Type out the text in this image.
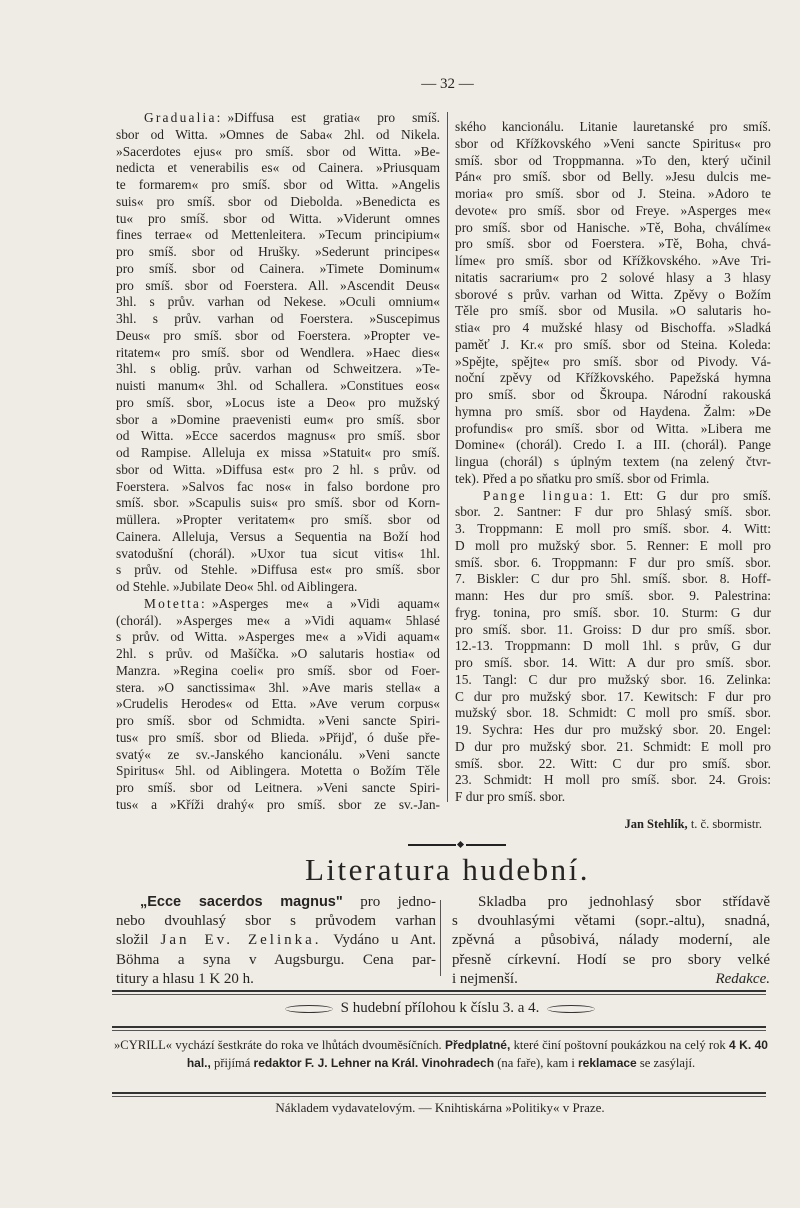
— 32 —
Gradualia: »Diffusa est gratia« pro smíš.
sbor od Witta. »Omnes de Saba« 2hl. od Nikela.
»Sacerdotes ejus« pro smíš. sbor od Witta. »Be-
nedicta et venerabilis es« od Cainera. »Priusquam
te formarem« pro smíš. sbor od Witta. »Angelis
suis« pro smíš. sbor od Diebolda. »Benedicta es
tu« pro smíš. sbor od Witta. »Viderunt omnes
fines terrae« od Mettenleitera. »Tecum principium«
pro smíš. sbor od Hrušky. »Sederunt principes«
pro smíš. sbor od Cainera. »Timete Dominum«
pro smíš. sbor od Foerstera. All. »Ascendit Deus«
3hl. s prův. varhan od Nekese. »Oculi omnium«
3hl. s prův. varhan od Foerstera. »Suscepimus
Deus« pro smíš. sbor od Foerstera. »Propter ve-
ritatem« pro smíš. sbor od Wendlera. »Haec dies«
3hl. s oblig. prův. varhan od Schweitzera. »Te-
nuisti manum« 3hl. od Schallera. »Constitues eos«
pro smíš. sbor, »Locus iste a Deo« pro mužský
sbor a »Domine praevenisti eum« pro smíš. sbor
od Witta. »Ecce sacerdos magnus« pro smíš. sbor
od Rampise. Alleluja ex missa »Statuit« pro smíš.
sbor od Witta. »Diffusa est« pro 2 hl. s prův. od
Foerstera. »Salvos fac nos« in falso bordone pro
smíš. sbor. »Scapulis suis« pro smíš. sbor od Korn-
müllera. »Propter veritatem« pro smíš. sbor od
Cainera. Alleluja, Versus a Sequentia na Boží hod
svatodušní (chorál). »Uxor tua sicut vitis« 1hl.
s prův. od Stehle. »Diffusa est« pro smíš. sbor
od Stehle. »Jubilate Deo« 5hl. od Aiblingera.
Motetta: »Asperges me« a »Vidi aquam«
(chorál). »Asperges me« a »Vidi aquam« 5hlasé
s prův. od Witta. »Asperges me« a »Vidi aquam«
2hl. s prův. od Mašíčka. »O salutaris hostia« od
Manzra. »Regina coeli« pro smíš. sbor od Foer-
stera. »O sanctissima« 3hl. »Ave maris stella« a
»Crudelis Herodes« od Etta. »Ave verum corpus«
pro smíš. sbor od Schmidta. »Veni sancte Spiri-
tus« pro smíš. sbor od Blieda. »Přijď, ó duše pře-
svatý« ze sv.-Janského kancionálu. »Veni sancte
Spiritus« 5hl. od Aiblingera. Motetta o Božím Těle
pro smíš. sbor od Leitnera. »Veni sancte Spiri-
tus« a »Kříži drahý« pro smíš. sbor ze sv.-Jan-
ského kancionálu. Litanie lauretanské pro smíš.
sbor od Křížkovského »Veni sancte Spiritus« pro
smíš. sbor od Troppmanna. »To den, který učinil
Pán« pro smíš. sbor od Belly. »Jesu dulcis me-
moria« pro smíš. sbor od J. Steina. »Adoro te
devote« pro smíš. sbor od Freye. »Asperges me«
pro smíš. sbor od Hanische. »Tě, Boha, chválíme«
pro smíš. sbor od Foerstera. »Tě, Boha, chvá-
líme« pro smíš. sbor od Křížkovského. »Ave Tri-
nitatis sacrarium« pro 2 solové hlasy a 3 hlasy
sborové s prův. varhan od Witta. Zpěvy o Božím
Těle pro smíš. sbor od Musila. »O salutaris ho-
stia« pro 4 mužské hlasy od Bischoffa. »Sladká
paměť J. Kr.« pro smíš. sbor od Steina. Koleda:
»Spějte, spějte« pro smíš. sbor od Pivody. Vá-
noční zpěvy od Křížkovského. Papežská hymna
pro smíš. sbor od Škroupa. Národní rakouská
hymna pro smíš. sbor od Haydena. Žalm: »De
profundis« pro smíš. sbor od Witta. »Libera me
Domine« (chorál). Credo I. a III. (chorál). Pange
lingua (chorál) s úplným textem (na zelený čtvr-
tek). Před a po sňatku pro smíš. sbor od Frimla.
Pange lingua: 1. Ett: G dur pro smíš.
sbor. 2. Santner: F dur pro 5hlasý smíš. sbor.
3. Troppmann: E moll pro smíš. sbor. 4. Witt:
D moll pro mužský sbor. 5. Renner: E moll pro
smíš. sbor. 6. Troppmann: F dur pro smíš. sbor.
7. Biskler: C dur pro 5hl. smíš. sbor. 8. Hoff-
mann: Hes dur pro smíš. sbor. 9. Palestrina:
fryg. tonina, pro smíš. sbor. 10. Sturm: G dur
pro smíš. sbor. 11. Groiss: D dur pro smíš. sbor.
12.-13. Troppmann: D moll 1hl. s prův, G dur
pro smíš. sbor. 14. Witt: A dur pro smíš. sbor.
15. Tangl: C dur pro mužský sbor. 16. Zelinka:
C dur pro mužský sbor. 17. Kewitsch: F dur pro
mužský sbor. 18. Schmidt: C moll pro smíš. sbor.
19. Sychra: Hes dur pro mužský sbor. 20. Engel:
D dur pro mužský sbor. 21. Schmidt: E moll pro
smíš. sbor. 22. Witt: C dur pro smíš. sbor.
23. Schmidt: H moll pro smíš. sbor. 24. Grois:
F dur pro smíš. sbor.
Jan Stehlík, t. č. sbormistr.
Literatura hudební.
„Ecce sacerdos magnus" pro jedno-
nebo dvouhlasý sbor s průvodem varhan
složil Jan Ev. Zelinka. Vydáno u Ant.
Böhma a syna v Augsburgu. Cena par-
titury a hlasu 1 K 20 h.
Skladba pro jednohlasý sbor střídavě
s dvouhlasými větami (sopr.-altu), snadná,
zpěvná a působivá, nálady moderní, ale
přesně církevní. Hodí se pro sbory velké
i nejmenší.	Redakce.
S hudební přílohou k číslu 3. a 4.
»CYRILL« vychází šestkráte do roka ve lhůtách dvouměsíčních. Předplatné, které činí poštovní poukázkou na celý rok 4 K. 40 hal., přijímá redaktor F. J. Lehner na Král. Vinohradech (na faře), kam i reklamace se zasýlají.
Nákladem vydavatelovým. — Knihtiskárna »Politiky« v Praze.
